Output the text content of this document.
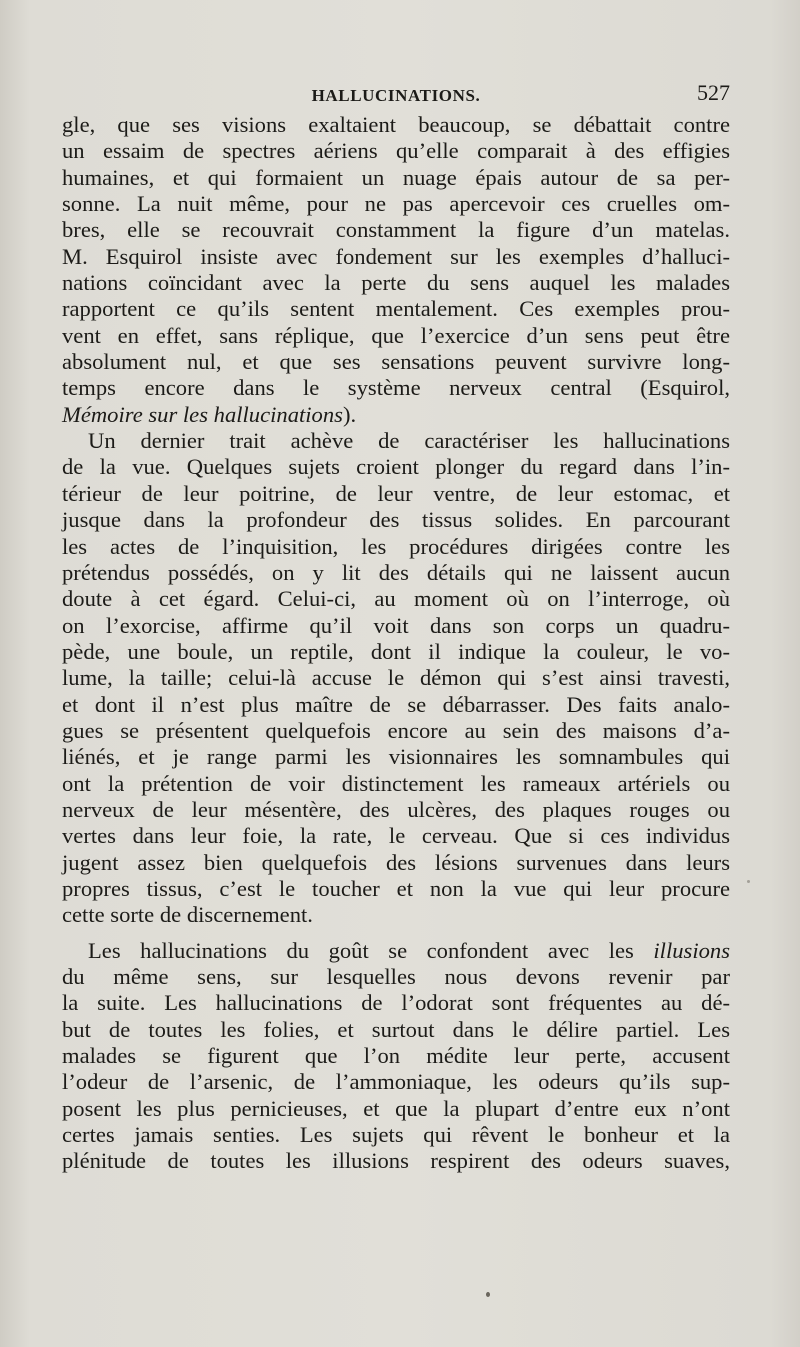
HALLUCINATIONS.	527
gle, que ses visions exaltaient beaucoup, se débattait contre
un essaim de spectres aériens qu’elle comparait à des effigies
humaines, et qui formaient un nuage épais autour de sa per-
sonne. La nuit même, pour ne pas apercevoir ces cruelles om-
bres, elle se recouvrait constamment la figure d’un matelas.
M. Esquirol insiste avec fondement sur les exemples d’halluci-
nations coïncidant avec la perte du sens auquel les malades
rapportent ce qu’ils sentent mentalement. Ces exemples prou-
vent en effet, sans réplique, que l’exercice d’un sens peut être
absolument nul, et que ses sensations peuvent survivre long-
temps encore dans le système nerveux central (Esquirol,
Mémoire sur les hallucinations).
Un dernier trait achève de caractériser les hallucinations
de la vue. Quelques sujets croient plonger du regard dans l’in-
térieur de leur poitrine, de leur ventre, de leur estomac, et
jusque dans la profondeur des tissus solides. En parcourant
les actes de l’inquisition, les procédures dirigées contre les
prétendus possédés, on y lit des détails qui ne laissent aucun
doute à cet égard. Celui-ci, au moment où on l’interroge, où
on l’exorcise, affirme qu’il voit dans son corps un quadru-
pède, une boule, un reptile, dont il indique la couleur, le vo-
lume, la taille; celui-là accuse le démon qui s’est ainsi travesti,
et dont il n’est plus maître de se débarrasser. Des faits analo-
gues se présentent quelquefois encore au sein des maisons d’a-
liénés, et je range parmi les visionnaires les somnambules qui
ont la prétention de voir distinctement les rameaux artériels ou
nerveux de leur mésentère, des ulcères, des plaques rouges ou
vertes dans leur foie, la rate, le cerveau. Que si ces individus
jugent assez bien quelquefois des lésions survenues dans leurs
propres tissus, c’est le toucher et non la vue qui leur procure
cette sorte de discernement.
Les hallucinations du goût se confondent avec les illusions
du même sens, sur lesquelles nous devons revenir par
la suite. Les hallucinations de l’odorat sont fréquentes au dé-
but de toutes les folies, et surtout dans le délire partiel. Les
malades se figurent que l’on médite leur perte, accusent
l’odeur de l’arsenic, de l’ammoniaque, les odeurs qu’ils sup-
posent les plus pernicieuses, et que la plupart d’entre eux n’ont
certes jamais senties. Les sujets qui rêvent le bonheur et la
plénitude de toutes les illusions respirent des odeurs suaves,
